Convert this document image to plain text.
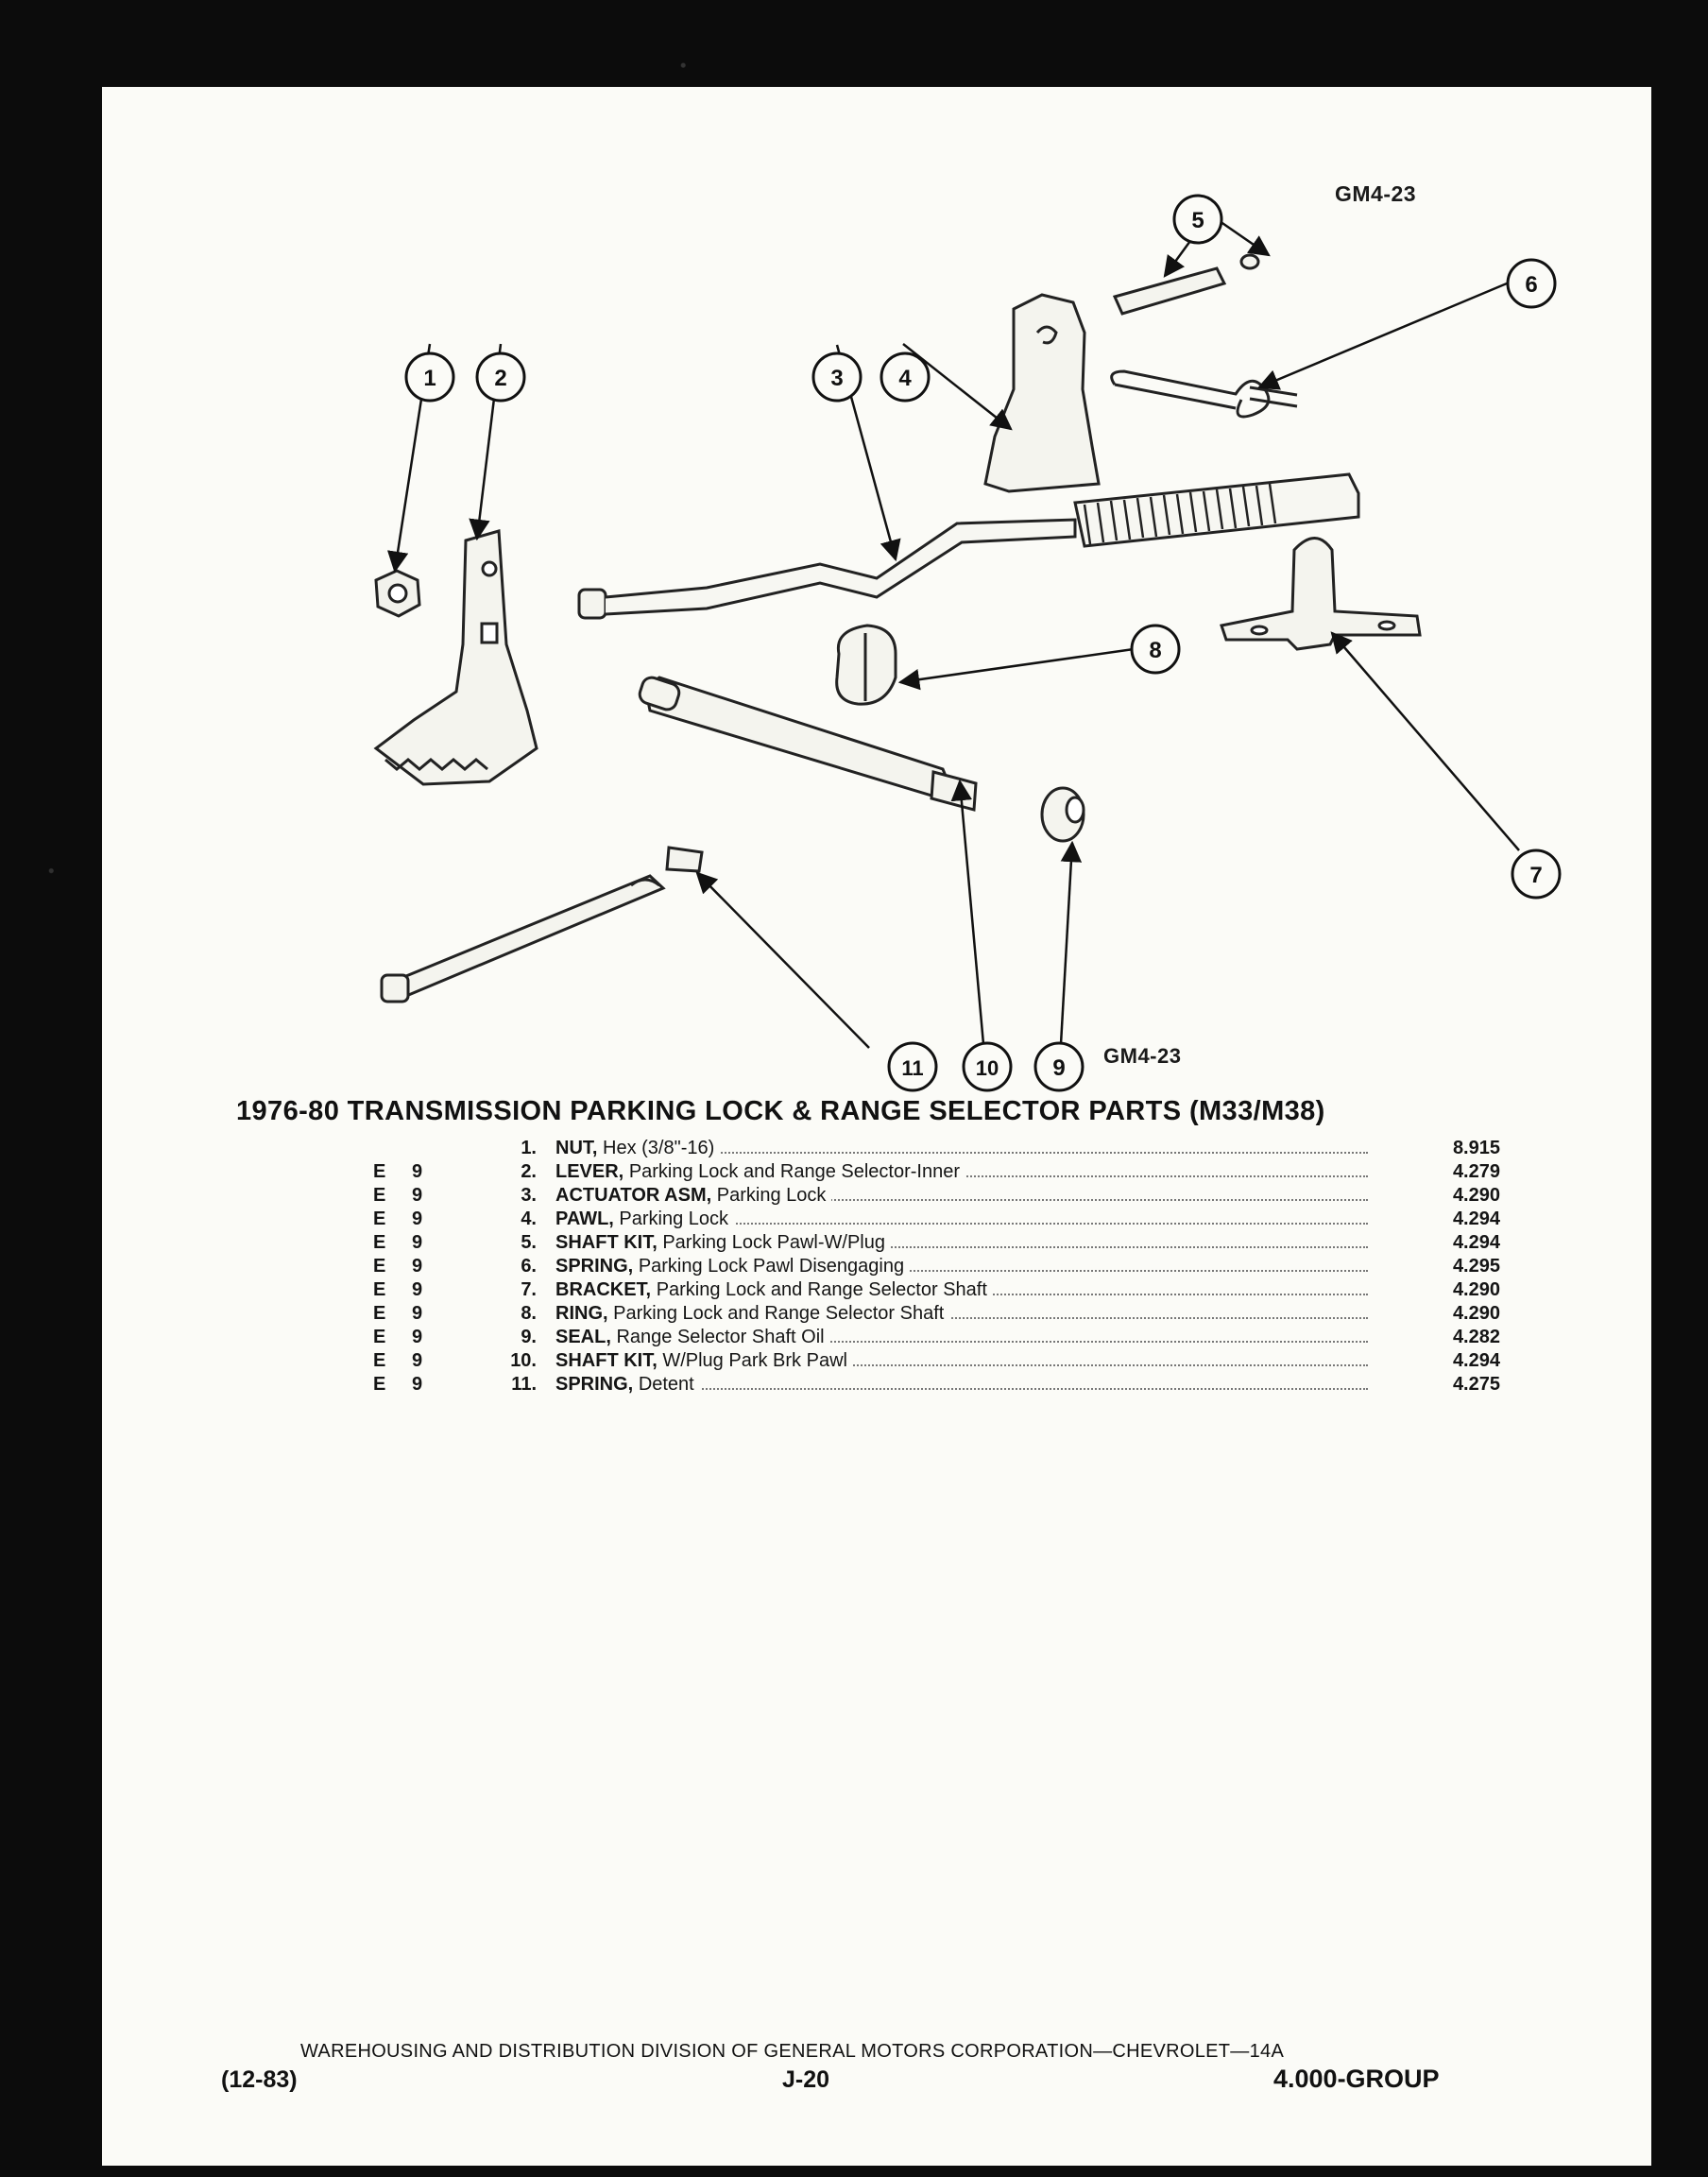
GM4-23
1	2	3 4
5
6
7
8
9
10
11
GM4-23
1976-80 TRANSMISSION PARKING LOCK & RANGE SELECTOR PARTS (M33/M38)
1. NUT, Hex (3/8"-16)	8.915
E 9	2. LEVER, Parking Lock and Range Selector-Inner	4.279
E 9	3. ACTUATOR ASM, Parking Lock	4.290
E 9	4. PAWL, Parking Lock	4.294
E 9	5. SHAFT KIT, Parking Lock Pawl-W/Plug	4.294
E 9	6. SPRING, Parking Lock Pawl Disengaging	4.295
E 9	7. BRACKET, Parking Lock and Range Selector Shaft	4.290
E 9	8. RING, Parking Lock and Range Selector Shaft	4.290
E 9	9. SEAL, Range Selector Shaft Oil	4.282
E 9	10. SHAFT KIT, W/Plug Park Brk Pawl	4.294
E 9	11. SPRING, Detent	4.275
WAREHOUSING AND DISTRIBUTION DIVISION OF GENERAL MOTORS CORPORATION—CHEVROLET—14A
(12-83)	J-20	4.000-GROUP
